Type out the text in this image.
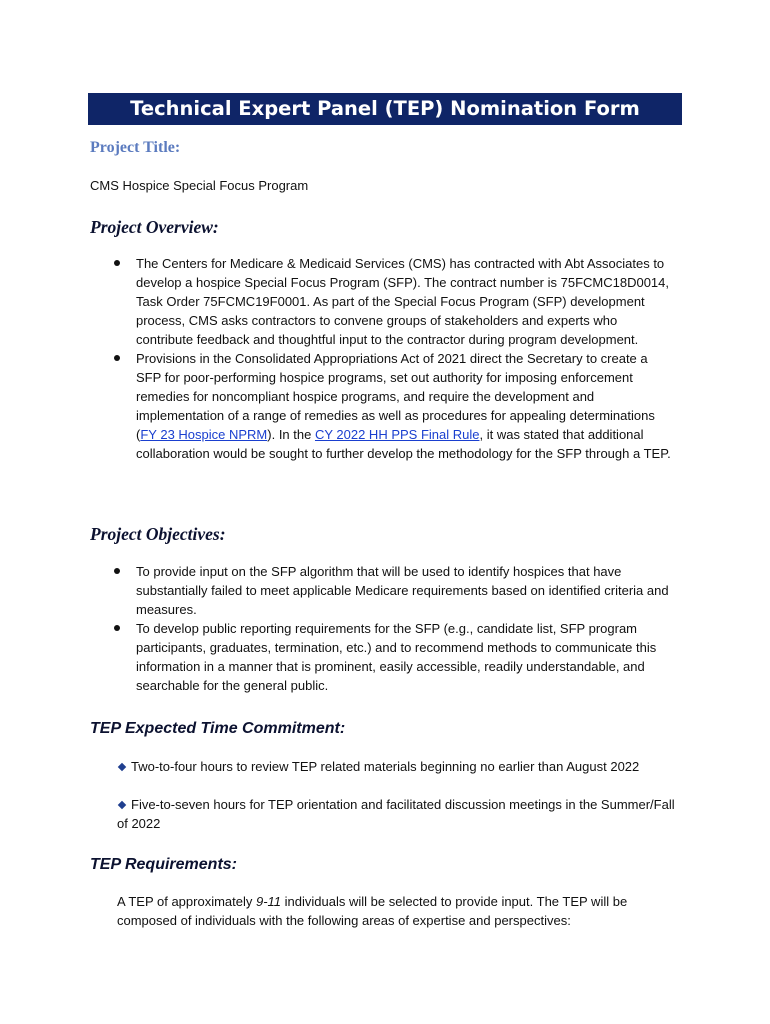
Technical Expert Panel (TEP) Nomination Form
Project Title:
CMS Hospice Special Focus Program
Project Overview:
The Centers for Medicare & Medicaid Services (CMS) has contracted with Abt Associates to develop a hospice Special Focus Program (SFP). The contract number is 75FCMC18D0014, Task Order 75FCMC19F0001. As part of the Special Focus Program (SFP) development process, CMS asks contractors to convene groups of stakeholders and experts who contribute feedback and thoughtful input to the contractor during program development.
Provisions in the Consolidated Appropriations Act of 2021 direct the Secretary to create a SFP for poor-performing hospice programs, set out authority for imposing enforcement remedies for noncompliant hospice programs, and require the development and implementation of a range of remedies as well as procedures for appealing determinations (FY 23 Hospice NPRM). In the CY 2022 HH PPS Final Rule, it was stated that additional collaboration would be sought to further develop the methodology for the SFP through a TEP.
Project Objectives:
To provide input on the SFP algorithm that will be used to identify hospices that have substantially failed to meet applicable Medicare requirements based on identified criteria and measures.
To develop public reporting requirements for the SFP (e.g., candidate list, SFP program participants, graduates, termination, etc.) and to recommend methods to communicate this information in a manner that is prominent, easily accessible, readily understandable, and searchable for the general public.
TEP Expected Time Commitment:
Two-to-four hours to review TEP related materials beginning no earlier than August 2022
Five-to-seven hours for TEP orientation and facilitated discussion meetings in the Summer/Fall of 2022
TEP Requirements:
A TEP of approximately 9-11 individuals will be selected to provide input. The TEP will be composed of individuals with the following areas of expertise and perspectives:
